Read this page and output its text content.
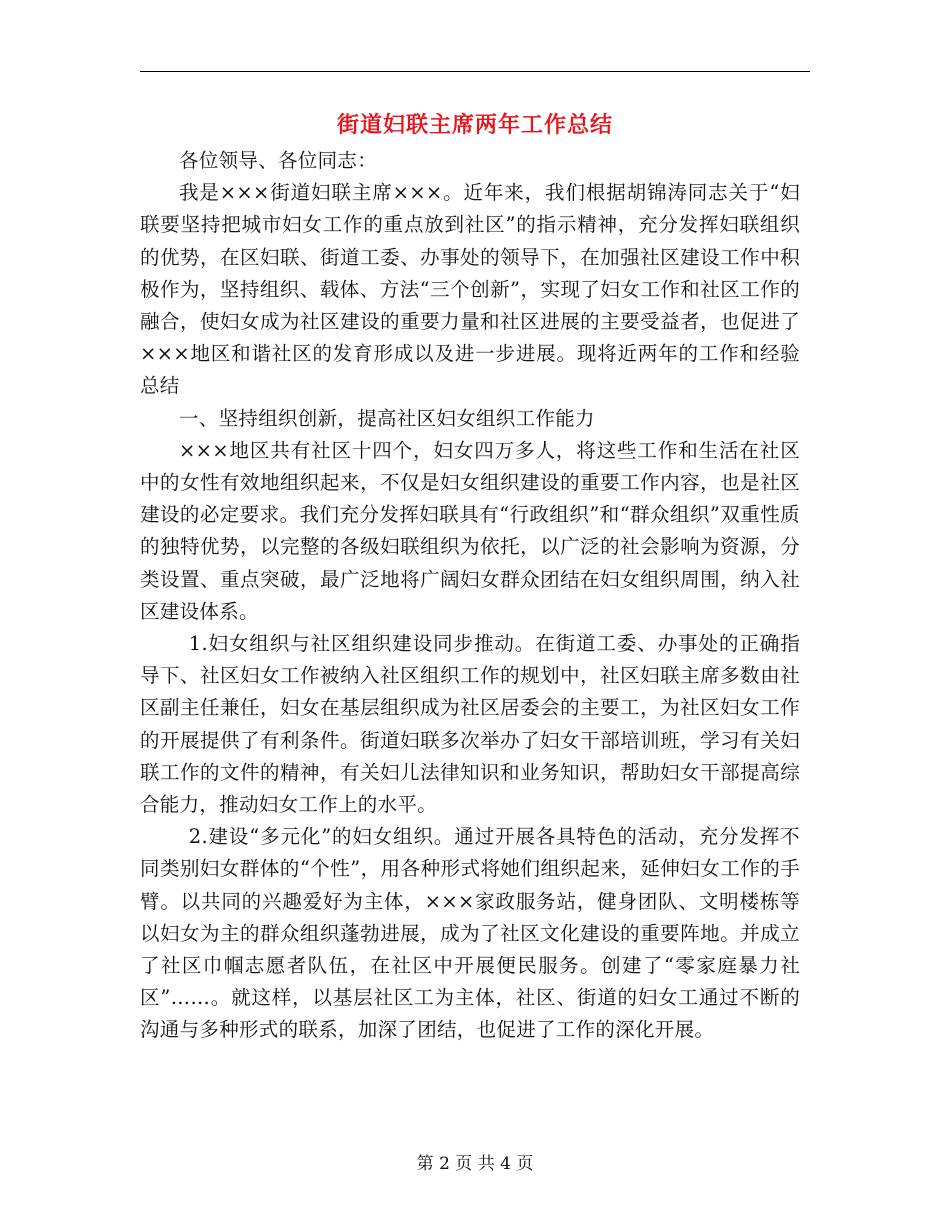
街道妇联主席两年工作总结

各位领导、各位同志：

我是×××街道妇联主席×××。近年来，我们根据胡锦涛同志关于“妇联要坚持把城市妇女工作的重点放到社区”的指示精神，充分发挥妇联组织的优势，在区妇联、街道工委、办事处的领导下，在加强社区建设工作中积极作为，坚持组织、载体、方法“三个创新”，实现了妇女工作和社区工作的融合，使妇女成为社区建设的重要力量和社区进展的主要受益者，也促进了×××地区和谐社区的发育形成以及进一步进展。现将近两年的工作和经验总结

一、坚持组织创新，提高社区妇女组织工作能力

×××地区共有社区十四个，妇女四万多人，将这些工作和生活在社区中的女性有效地组织起来，不仅是妇女组织建设的重要工作内容，也是社区建设的必定要求。我们充分发挥妇联具有“行政组织”和“群众组织”双重性质的独特优势，以完整的各级妇联组织为依托，以广泛的社会影响为资源，分类设置、重点突破，最广泛地将广阔妇女群众团结在妇女组织周围，纳入社区建设体系。

1.妇女组织与社区组织建设同步推动。在街道工委、办事处的正确指导下、社区妇女工作被纳入社区组织工作的规划中，社区妇联主席多数由社区副主任兼任，妇女在基层组织成为社区居委会的主要工，为社区妇女工作的开展提供了有利条件。街道妇联多次举办了妇女干部培训班，学习有关妇联工作的文件的精神，有关妇儿法律知识和业务知识，帮助妇女干部提高综合能力，推动妇女工作上的水平。

2.建设“多元化”的妇女组织。通过开展各具特色的活动，充分发挥不同类别妇女群体的“个性”，用各种形式将她们组织起来，延伸妇女工作的手臂。以共同的兴趣爱好为主体，×××家政服务站，健身团队、文明楼栋等以妇女为主的群众组织蓬勃进展，成为了社区文化建设的重要阵地。并成立了社区巾帼志愿者队伍，在社区中开展便民服务。创建了“零家庭暴力社区”……。就这样，以基层社区工为主体，社区、街道的妇女工通过不断的沟通与多种形式的联系，加深了团结，也促进了工作的深化开展。

第 2 页 共 4 页
